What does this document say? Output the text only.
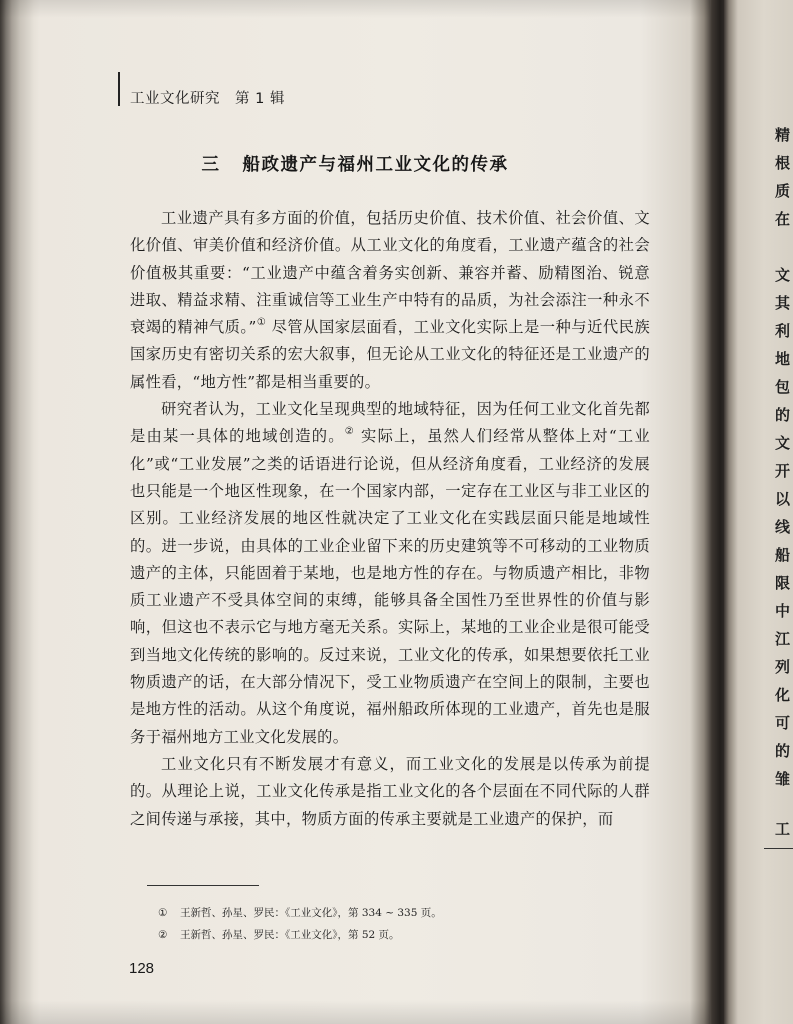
工业文化研究　第 1 辑
三 船政遗产与福州工业文化的传承

工业遗产具有多方面的价值，包括历史价值、技术价值、社会价值、文化价值、审美价值和经济价值。从工业文化的角度看，工业遗产蕴含的社会价值极其重要：“工业遗产中蕴含着务实创新、兼容并蓄、励精图治、锐意进取、精益求精、注重诚信等工业生产中特有的品质，为社会添注一种永不衰竭的精神气质。”① 尽管从国家层面看，工业文化实际上是一种与近代民族国家历史有密切关系的宏大叙事，但无论从工业文化的特征还是工业遗产的属性看，“地方性”都是相当重要的。

研究者认为，工业文化呈现典型的地域特征，因为任何工业文化首先都是由某一具体的地域创造的。② 实际上，虽然人们经常从整体上对“工业化”或“工业发展”之类的话语进行论说，但从经济角度看，工业经济的发展也只能是一个地区性现象，在一个国家内部，一定存在工业区与非工业区的区别。工业经济发展的地区性就决定了工业文化在实践层面只能是地域性的。进一步说，由具体的工业企业留下来的历史建筑等不可移动的工业物质遗产的主体，只能固着于某地，也是地方性的存在。与物质遗产相比，非物质工业遗产不受具体空间的束缚，能够具备全国性乃至世界性的价值与影响，但这也不表示它与地方毫无关系。实际上，某地的工业企业是很可能受到当地文化传统的影响的。反过来说，工业文化的传承，如果想要依托工业物质遗产的话，在大部分情况下，受工业物质遗产在空间上的限制，主要也是地方性的活动。从这个角度说，福州船政所体现的工业遗产，首先也是服务于福州地方工业文化发展的。

工业文化只有不断发展才有意义，而工业文化的发展是以传承为前提的。从理论上说，工业文化传承是指工业文化的各个层面在不同代际的人群之间传递与承接，其中，物质方面的传承主要就是工业遗产的保护，而

① 王新哲、孙星、罗民：《工业文化》，第 334 ~ 335 页。
② 王新哲、孙星、罗民：《工业文化》，第 52 页。
128
精
根
质
在
文
其
利
地
包
的
文
开
以
线
船
限
中
江
列
化
可
的
雏
工
